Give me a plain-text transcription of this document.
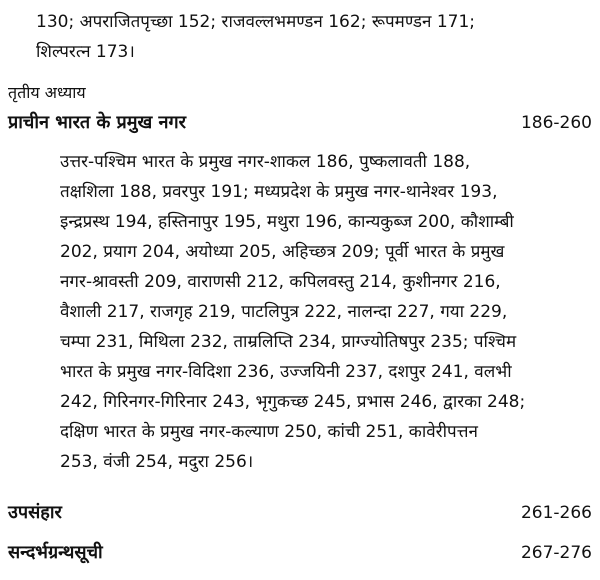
130; अपराजितपृच्छा 152; राजवल्लभमण्डन 162; रूपमण्डन 171;
शिल्परत्न 173।
तृतीय अध्याय
प्राचीन भारत के प्रमुख नगर	186-260
उत्तर-पश्चिम भारत के प्रमुख नगर-शाकल 186, पुष्कलावती 188,
तक्षशिला 188, प्रवरपुर 191; मध्यप्रदेश के प्रमुख नगर-थानेश्वर 193,
इन्द्रप्रस्थ 194, हस्तिनापुर 195, मथुरा 196, कान्यकुब्ज 200, कौशाम्बी
202, प्रयाग 204, अयोध्या 205, अहिच्छत्र 209; पूर्वी भारत के प्रमुख
नगर-श्रावस्ती 209, वाराणसी 212, कपिलवस्तु 214, कुशीनगर 216,
वैशाली 217, राजगृह 219, पाटलिपुत्र 222, नालन्दा 227, गया 229,
चम्पा 231, मिथिला 232, ताम्रलिप्ति 234, प्राग्ज्योतिषपुर 235; पश्चिम
भारत के प्रमुख नगर-विदिशा 236, उज्जयिनी 237, दशपुर 241, वलभी
242, गिरिनगर-गिरिनार 243, भृगुकच्छ 245, प्रभास 246, द्वारका 248;
दक्षिण भारत के प्रमुख नगर-कल्याण 250, कांची 251, कावेरीपत्तन
253, वंजी 254, मदुरा 256।
उपसंहार	261-266
सन्दर्भग्रन्थसूची	267-276
